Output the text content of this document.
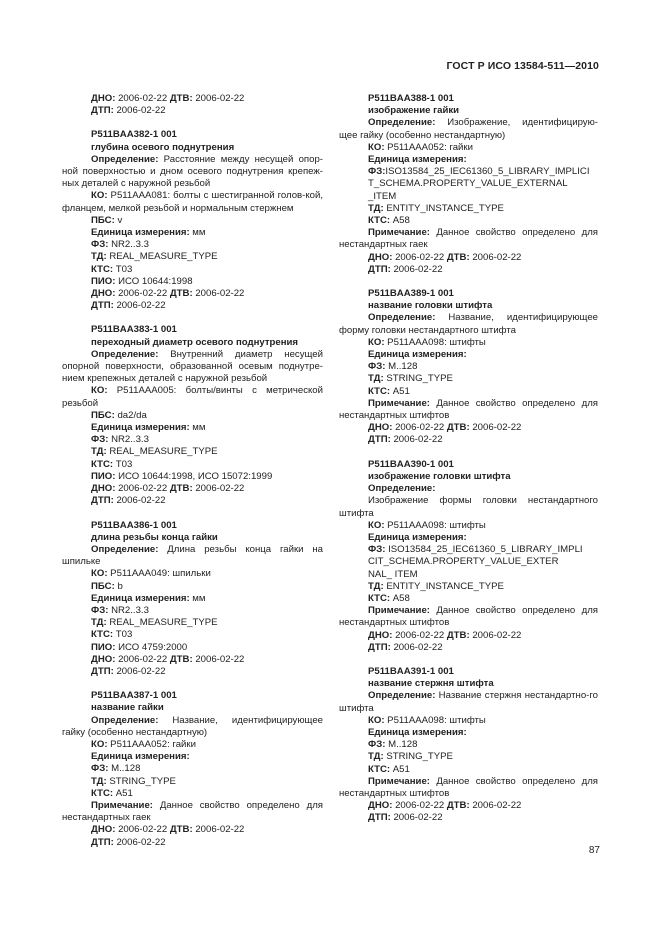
ГОСТ Р ИСО 13584-511—2010
ДНО: 2006-02-22 ДТВ: 2006-02-22
ДТП: 2006-02-22
P511BAA382-1 001
глубина осевого поднутрения
Определение: Расстояние между несущей опор-ной поверхностью и дном осевого поднутрения крепеж-ных деталей с наружной резьбой
КО: P511AAA081: болты с шестигранной голов-кой, фланцем, мелкой резьбой и нормальным стержнем
ПБС: v
Единица измерения: мм
ФЗ: NR2..3.3
ТД: REAL_MEASURE_TYPE
КТС: T03
ПИО: ИСО 10644:1998
ДНО: 2006-02-22 ДТВ: 2006-02-22
ДТП: 2006-02-22
P511BAA383-1 001
переходный диаметр осевого поднутрения
Определение: Внутренний диаметр несущей опорной поверхности, образованной осевым поднутре-нием крепежных деталей с наружной резьбой
КО: P511AAA005: болты/винты с метрической резьбой
ПБС: da2/da
Единица измерения: мм
ФЗ: NR2..3.3
ТД: REAL_MEASURE_TYPE
КТС: T03
ПИО: ИСО 10644:1998, ИСО 15072:1999
ДНО: 2006-02-22 ДТВ: 2006-02-22
ДТП: 2006-02-22
P511BAA386-1 001
длина резьбы конца гайки
Определение: Длина резьбы конца гайки на шпильке
КО: P511AAA049: шпильки
ПБС: b
Единица измерения: мм
ФЗ: NR2..3.3
ТД: REAL_MEASURE_TYPE
КТС: T03
ПИО: ИСО 4759:2000
ДНО: 2006-02-22 ДТВ: 2006-02-22
ДТП: 2006-02-22
P511BAA387-1 001
название гайки
Определение: Название, идентифицирующее гайку (особенно нестандартную)
КО: P511AAA052: гайки
Единица измерения:
ФЗ: M..128
ТД: STRING_TYPE
КТС: A51
Примечание: Данное свойство определено для нестандартных гаек
ДНО: 2006-02-22 ДТВ: 2006-02-22
ДТП: 2006-02-22
P511BAA388-1 001
изображение гайки
Определение: Изображение, идентифицирую-щее гайку (особенно нестандартную)
КО: P511AAA052: гайки
Единица измерения:
ФЗ:ISO13584_25_IEC61360_5_LIBRARY_IMPLICI
T_SCHEMA.PROPERTY_VALUE_EXTERNAL
_ITEM
ТД: ENTITY_INSTANCE_TYPE
КТС: A58
Примечание: Данное свойство определено для нестандартных гаек
ДНО: 2006-02-22 ДТВ: 2006-02-22
ДТП: 2006-02-22
P511BAA389-1 001
название головки штифта
Определение: Название, идентифицирующее форму головки нестандартного штифта
КО: P511AAA098: штифты
Единица измерения:
ФЗ: M..128
ТД: STRING_TYPE
КТС: A51
Примечание: Данное свойство определено для нестандартных штифтов
ДНО: 2006-02-22 ДТВ: 2006-02-22
ДТП: 2006-02-22
P511BAA390-1 001
изображение головки штифта
Определение:
Изображение формы головки нестандартного штифта
КО: P511AAA098: штифты
Единица измерения:
ФЗ: ISO13584_25_IEC61360_5_LIBRARY_IMPLI
CIT_SCHEMA.PROPERTY_VALUE_EXTER
NAL_ ITEM
ТД: ENTITY_INSTANCE_TYPE
КТС: A58
Примечание: Данное свойство определено для нестандартных штифтов
ДНО: 2006-02-22 ДТВ: 2006-02-22
ДТП: 2006-02-22
P511BAA391-1 001
название стержня штифта
Определение: Название стержня нестандартно-го штифта
КО: P511AAA098: штифты
Единица измерения:
ФЗ: M..128
ТД: STRING_TYPE
КТС: A51
Примечание: Данное свойство определено для нестандартных штифтов
ДНО: 2006-02-22 ДТВ: 2006-02-22
ДТП: 2006-02-22
87
